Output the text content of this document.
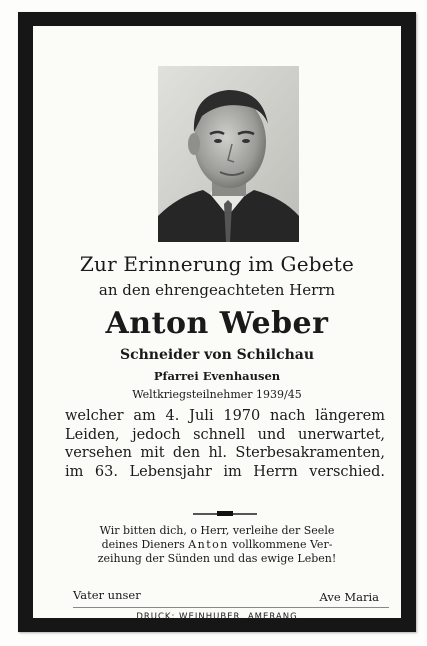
Zur Erinnerung im Gebete
an den ehrengeachteten Herrn
Anton Weber
Schneider von Schilchau
Pfarrei Evenhausen
Weltkriegsteilnehmer 1939/45
welcher am 4. Juli 1970 nach längerem
Leiden, jedoch schnell und unerwartet,
versehen mit den hl. Sterbesakramenten,
im 63. Lebensjahr im Herrn verschied.
Wir bitten dich, o Herr, verleihe der Seele
deines Dieners Anton vollkommene Ver-
zeihung der Sünden und das ewige Leben!
Vater unser	Ave Maria
DRUCK: WEINHUBER, AMERANG
